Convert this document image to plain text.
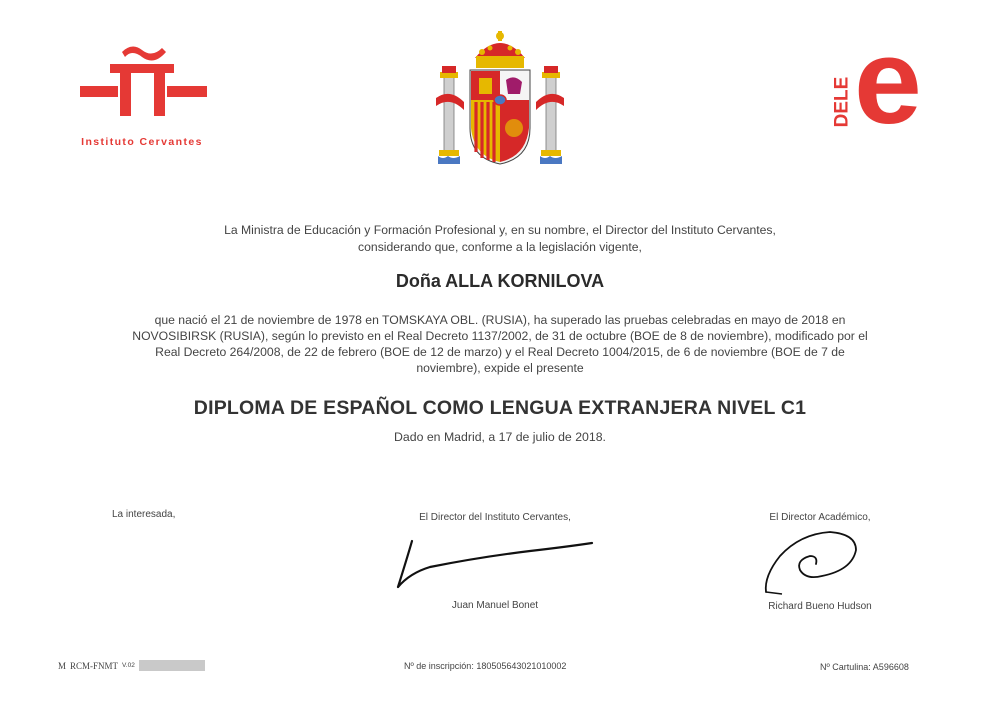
Instituto Cervantes
DELE e
La Ministra de Educación y Formación Profesional y, en su nombre, el Director del Instituto Cervantes, considerando que, conforme a la legislación vigente,
Doña ALLA KORNILOVA
que nació el 21 de noviembre de 1978 en TOMSKAYA OBL. (RUSIA), ha superado las pruebas celebradas en mayo de 2018 en NOVOSIBIRSK (RUSIA), según lo previsto en el Real Decreto 1137/2002, de 31 de octubre (BOE de 8 de noviembre), modificado por el Real Decreto 264/2008, de 22 de febrero (BOE de 12 de marzo) y el Real Decreto 1004/2015, de 6 de noviembre (BOE de 7 de noviembre), expide el presente
DIPLOMA DE ESPAÑOL COMO LENGUA EXTRANJERA NIVEL C1
Dado en Madrid, a 17 de julio de 2018.
La interesada,	El Director del Instituto Cervantes,
Juan Manuel Bonet
El Director Académico,
Richard Bueno Hudson
M RCM-FNMT V.02	Nº de inscripción: 180505643021010002	Nº Cartulina: A596608
